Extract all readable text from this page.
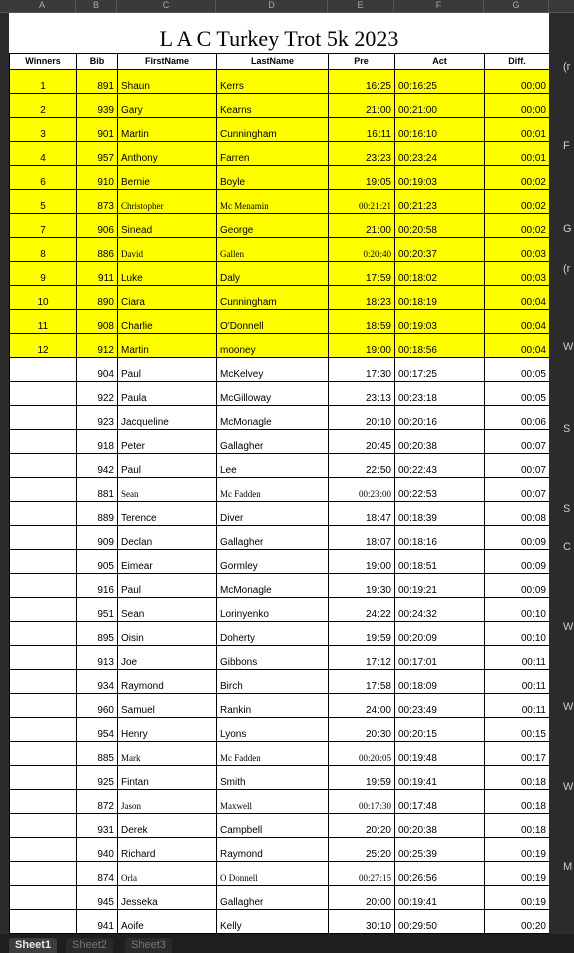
A	B	C	D	E	F	G
L A C Turkey Trot 5k 2023
Winners	Bib	FirstName	LastName	Pre	Act	Diff.
1	891	Shaun	Kerrs	16:25	00:16:25	00:00
2	939	Gary	Kearns	21:00	00:21:00	00:00
3	901	Martin	Cunningham	16:11	00:16:10	00:01
4	957	Anthony	Farren	23:23	00:23:24	00:01
6	910	Bernie	Boyle	19:05	00:19:03	00:02
5	873	Christopher	Mc Menamin	00:21:21	00:21:23	00:02
7	906	Sinead	George	21:00	00:20:58	00:02
8	886	David	Gallen	0:20:40	00:20:37	00:03
9	911	Luke	Daly	17:59	00:18:02	00:03
10	890	Ciara	Cunningham	18:23	00:18:19	00:04
11	908	Charlie	O'Donnell	18:59	00:19:03	00:04
12	912	Martin	mooney	19:00	00:18:56	00:04
	904	Paul	McKelvey	17:30	00:17:25	00:05
	922	Paula	McGilloway	23:13	00:23:18	00:05
	923	Jacqueline	McMonagle	20:10	00:20:16	00:06
	918	Peter	Gallagher	20:45	00:20:38	00:07
	942	Paul	Lee	22:50	00:22:43	00:07
	881	Sean	Mc Fadden	00:23:00	00:22:53	00:07
	889	Terence	Diver	18:47	00:18:39	00:08
	909	Declan	Gallagher	18:07	00:18:16	00:09
	905	Eimear	Gormley	19:00	00:18:51	00:09
	916	Paul	McMonagle	19:30	00:19:21	00:09
	951	Sean	Lorinyenko	24:22	00:24:32	00:10
	895	Oisin	Doherty	19:59	00:20:09	00:10
	913	Joe	Gibbons	17:12	00:17:01	00:11
	934	Raymond	Birch	17:58	00:18:09	00:11
	960	Samuel	Rankin	24:00	00:23:49	00:11
	954	Henry	Lyons	20:30	00:20:15	00:15
	885	Mark	Mc Fadden	00:20:05	00:19:48	00:17
	925	Fintan	Smith	19:59	00:19:41	00:18
	872	Jason	Maxwell	00:17:30	00:17:48	00:18
	931	Derek	Campbell	20:20	00:20:38	00:18
	940	Richard	Raymond	25:20	00:25:39	00:19
	874	Orla	O Donnell	00:27:15	00:26:56	00:19
	945	Jesseka	Gallagher	20:00	00:19:41	00:19
	941	Aoife	Kelly	30:10	00:29:50	00:20
(r
F
G
(r
W
S
S
C
W
W
W
M
Sheet1	Sheet2	Sheet3
